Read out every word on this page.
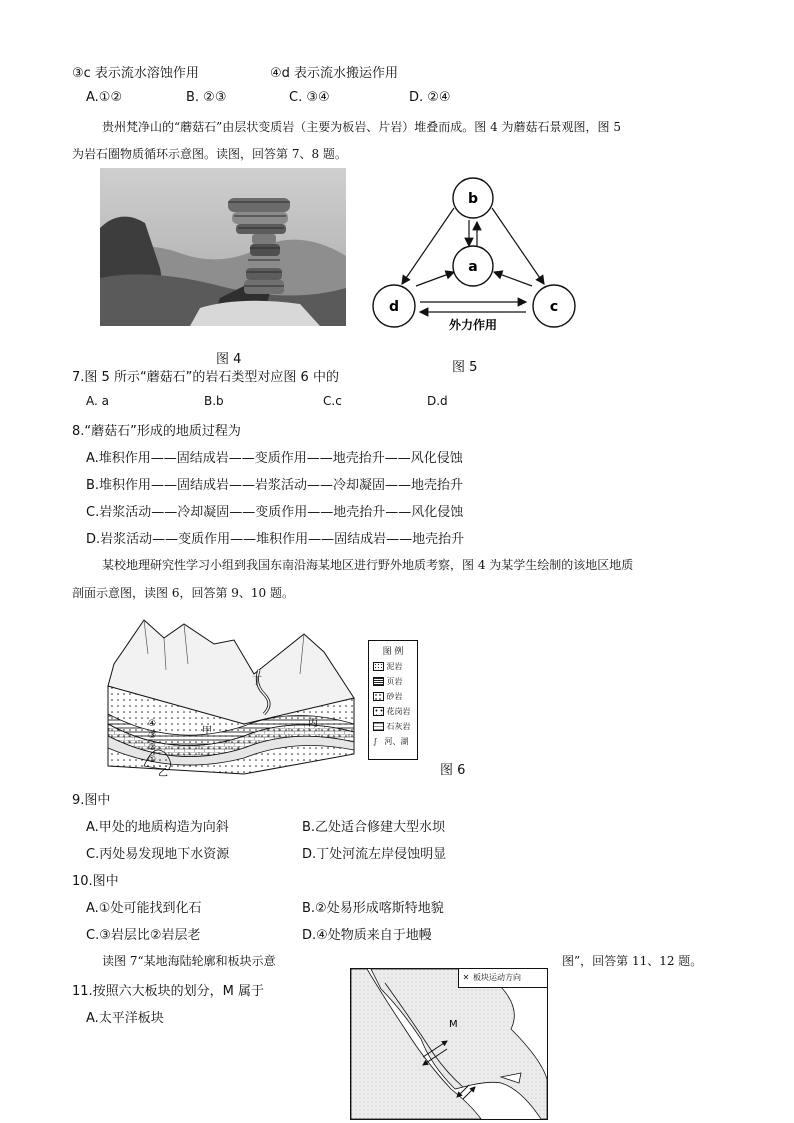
③c 表示流水溶蚀作用	④d 表示流水搬运作用
A.①②	B. ②③	C. ③④	D. ②④
贵州梵净山的“蘑菇石”由层状变质岩（主要为板岩、片岩）堆叠而成。图 4 为蘑菇石景观图，图 5
为岩石圈物质循环示意图。读图，回答第 7、8 题。
图 4
b
a
d	c
外力作用
图 5
7.图 5 所示“蘑菇石”的岩石类型对应图 6 中的
A. a	B.b	C.c	D.d
8.“蘑菇石”形成的地质过程为
A.堆积作用——固结成岩——变质作用——地壳抬升——风化侵蚀
B.堆积作用——固结成岩——岩浆活动——冷却凝固——地壳抬升
C.岩浆活动——冷却凝固——变质作用——地壳抬升——风化侵蚀
D.岩浆活动——变质作用——堆积作用——固结成岩——地壳抬升
某校地理研究性学习小组到我国东南沿海某地区进行野外地质考察，图 4 为某学生绘制的该地区地质
剖面示意图，读图 6，回答第 9、10 题。
丁
甲
丙
乙
④
③
②
①
图 例
泥岩
页岩
砂岩
花岗岩
石灰岩
∫ 河、湖
图 6
9.图中
A.甲处的地质构造为向斜	B.乙处适合修建大型水坝
C.丙处易发现地下水资源	D.丁处河流左岸侵蚀明显
10.图中
A.①处可能找到化石	B.②处易形成喀斯特地貌
C.③岩层比②岩层老	D.④处物质来自于地幔
读图 7“某地海陆轮廓和板块示意	图”，回答第 11、12 题。
11.按照六大板块的划分，M 属于
A.太平洋板块	M
✕ 板块运动方向
